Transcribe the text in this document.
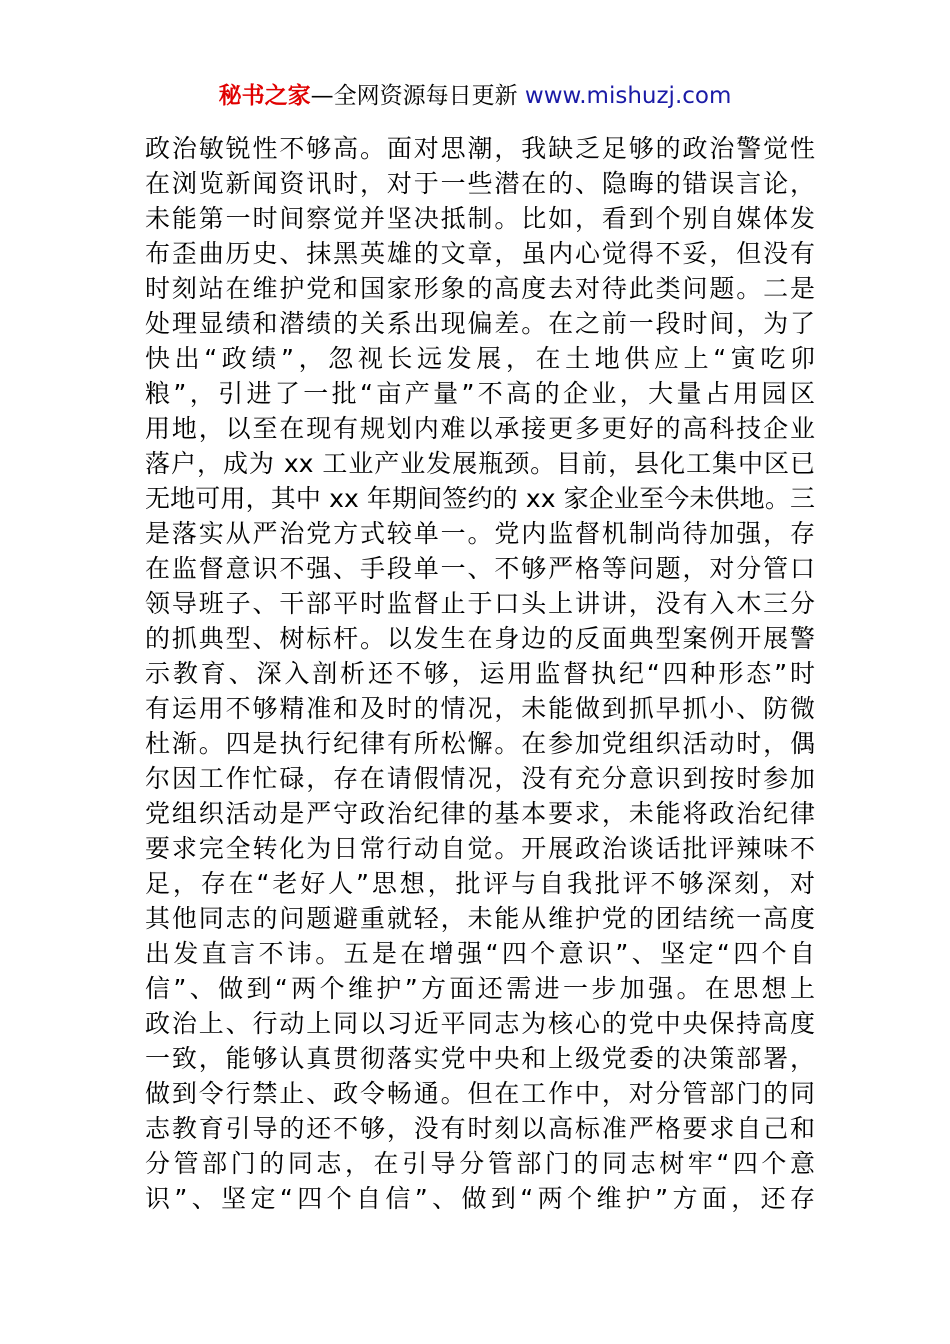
秘书之家—全网资源每日更新 www.mishuzj.com
政治敏锐性不够高。面对思潮，我缺乏足够的政治警觉性
在浏览新闻资讯时，对于一些潜在的、隐晦的错误言论，
未能第一时间察觉并坚决抵制。比如，看到个别自媒体发
布歪曲历史、抹黑英雄的文章，虽内心觉得不妥，但没有
时刻站在维护党和国家形象的高度去对待此类问题。二是
处理显绩和潜绩的关系出现偏差。在之前一段时间，为了
快出“政绩”，忽视长远发展，在土地供应上“寅吃卯
粮”，引进了一批“亩产量”不高的企业，大量占用园区
用地，以至在现有规划内难以承接更多更好的高科技企业
落户，成为 xx 工业产业发展瓶颈。目前，县化工集中区已
无地可用，其中 xx 年期间签约的 xx 家企业至今未供地。三
是落实从严治党方式较单一。党内监督机制尚待加强，存
在监督意识不强、手段单一、不够严格等问题，对分管口
领导班子、干部平时监督止于口头上讲讲，没有入木三分
的抓典型、树标杆。以发生在身边的反面典型案例开展警
示教育、深入剖析还不够，运用监督执纪“四种形态”时
有运用不够精准和及时的情况，未能做到抓早抓小、防微
杜渐。四是执行纪律有所松懈。在参加党组织活动时，偶
尔因工作忙碌，存在请假情况，没有充分意识到按时参加
党组织活动是严守政治纪律的基本要求，未能将政治纪律
要求完全转化为日常行动自觉。开展政治谈话批评辣味不
足，存在“老好人”思想，批评与自我批评不够深刻，对
其他同志的问题避重就轻，未能从维护党的团结统一高度
出发直言不讳。五是在增强“四个意识”、坚定“四个自
信”、做到“两个维护”方面还需进一步加强。在思想上
政治上、行动上同以习近平同志为核心的党中央保持高度
一致，能够认真贯彻落实党中央和上级党委的决策部署，
做到令行禁止、政令畅通。但在工作中，对分管部门的同
志教育引导的还不够，没有时刻以高标准严格要求自己和
分管部门的同志，在引导分管部门的同志树牢“四个意
识”、坚定“四个自信”、做到“两个维护”方面，还存
